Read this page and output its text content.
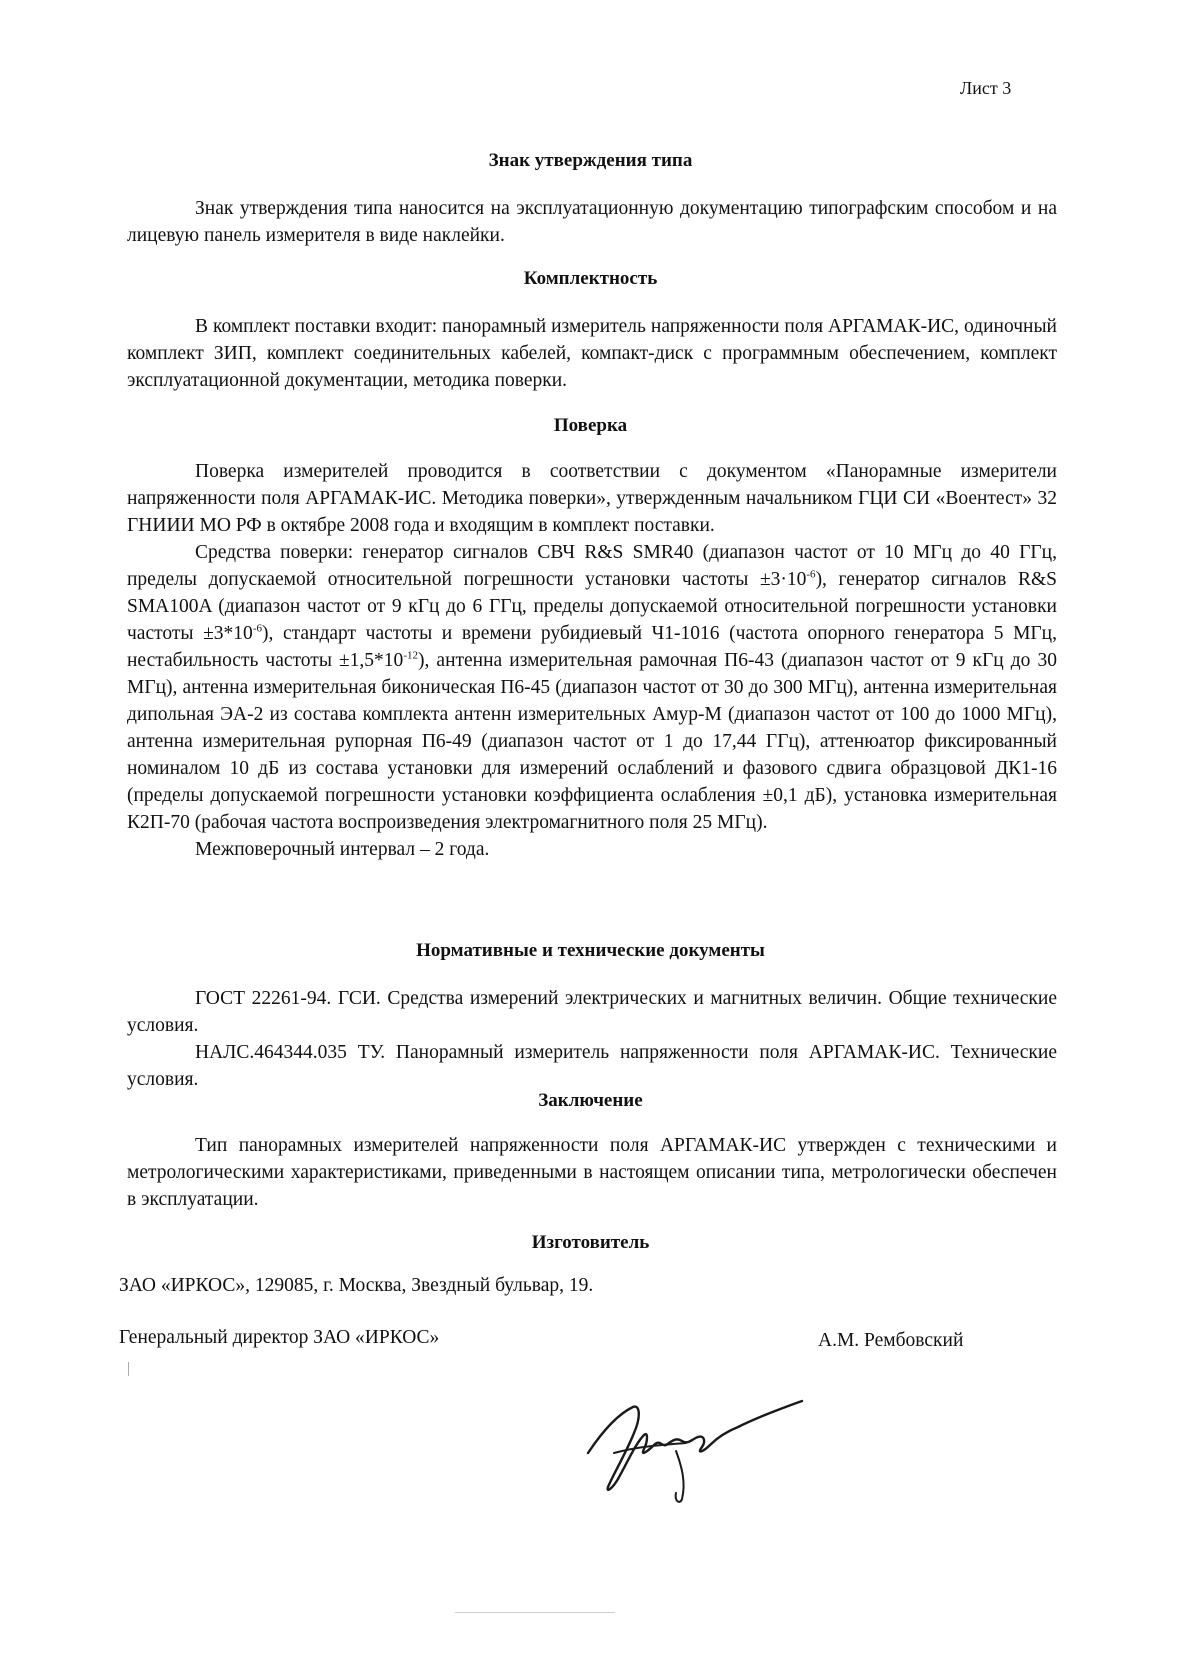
Лист 3
Знак утверждения типа

Знак утверждения типа наносится на эксплуатационную документацию типографским способом и на лицевую панель измерителя в виде наклейки.

Комплектность

В комплект поставки входит: панорамный измеритель напряженности поля АРГАМАК-ИС, одиночный комплект ЗИП, комплект соединительных кабелей, компакт-диск с программным обеспечением, комплект эксплуатационной документации, методика поверки.

Поверка

Поверка измерителей проводится в соответствии с документом «Панорамные измерители напряженности поля АРГАМАК-ИС. Методика поверки», утвержденным начальником ГЦИ СИ «Воентест» 32 ГНИИИ МО РФ в октябре 2008 года и входящим в комплект поставки.

Средства поверки: генератор сигналов СВЧ R&S SMR40 (диапазон частот от 10 МГц до 40 ГГц, пределы допускаемой относительной погрешности установки частоты $\pm 3\cdot 10^{-6}$), генератор сигналов R&S SMA100A (диапазон частот от 9 кГц до 6 ГГц, пределы допускаемой относительной погрешности установки частоты $\pm 3*10^{-6}$), стандарт частоты и времени рубидиевый Ч1-1016 (частота опорного генератора 5 МГц, нестабильность частоты $\pm 1,5*10^{-12}$), антенна измерительная рамочная П6-43 (диапазон частот от 9 кГц до 30 МГц), антенна измерительная биконическая П6-45 (диапазон частот от 30 до 300 МГц), антенна измерительная дипольная ЭА-2 из состава комплекта антенн измерительных Амур-М (диапазон частот от 100 до 1000 МГц), антенна измерительная рупорная П6-49 (диапазон частот от 1 до 17,44 ГГц), аттенюатор фиксированный номиналом 10 дБ из состава установки для измерений ослаблений и фазового сдвига образцовой ДК1-16 (пределы допускаемой погрешности установки коэффициента ослабления ±0,1 дБ), установка измерительная К2П-70 (рабочая частота воспроизведения электромагнитного поля 25 МГц).

Межповерочный интервал – 2 года.

Нормативные и технические документы

ГОСТ 22261-94. ГСИ. Средства измерений электрических и магнитных величин. Общие технические условия.

НАЛС.464344.035 ТУ. Панорамный измеритель напряженности поля АРГАМАК-ИС. Технические условия.

Заключение

Тип панорамных измерителей напряженности поля АРГАМАК-ИС утвержден с техническими и метрологическими характеристиками, приведенными в настоящем описании типа, метрологически обеспечен в эксплуатации.

Изготовитель
ЗАО «ИРКОС», 129085, г. Москва, Звездный бульвар, 19.
Генеральный директор ЗАО «ИРКОС»	А.М. Рембовский
